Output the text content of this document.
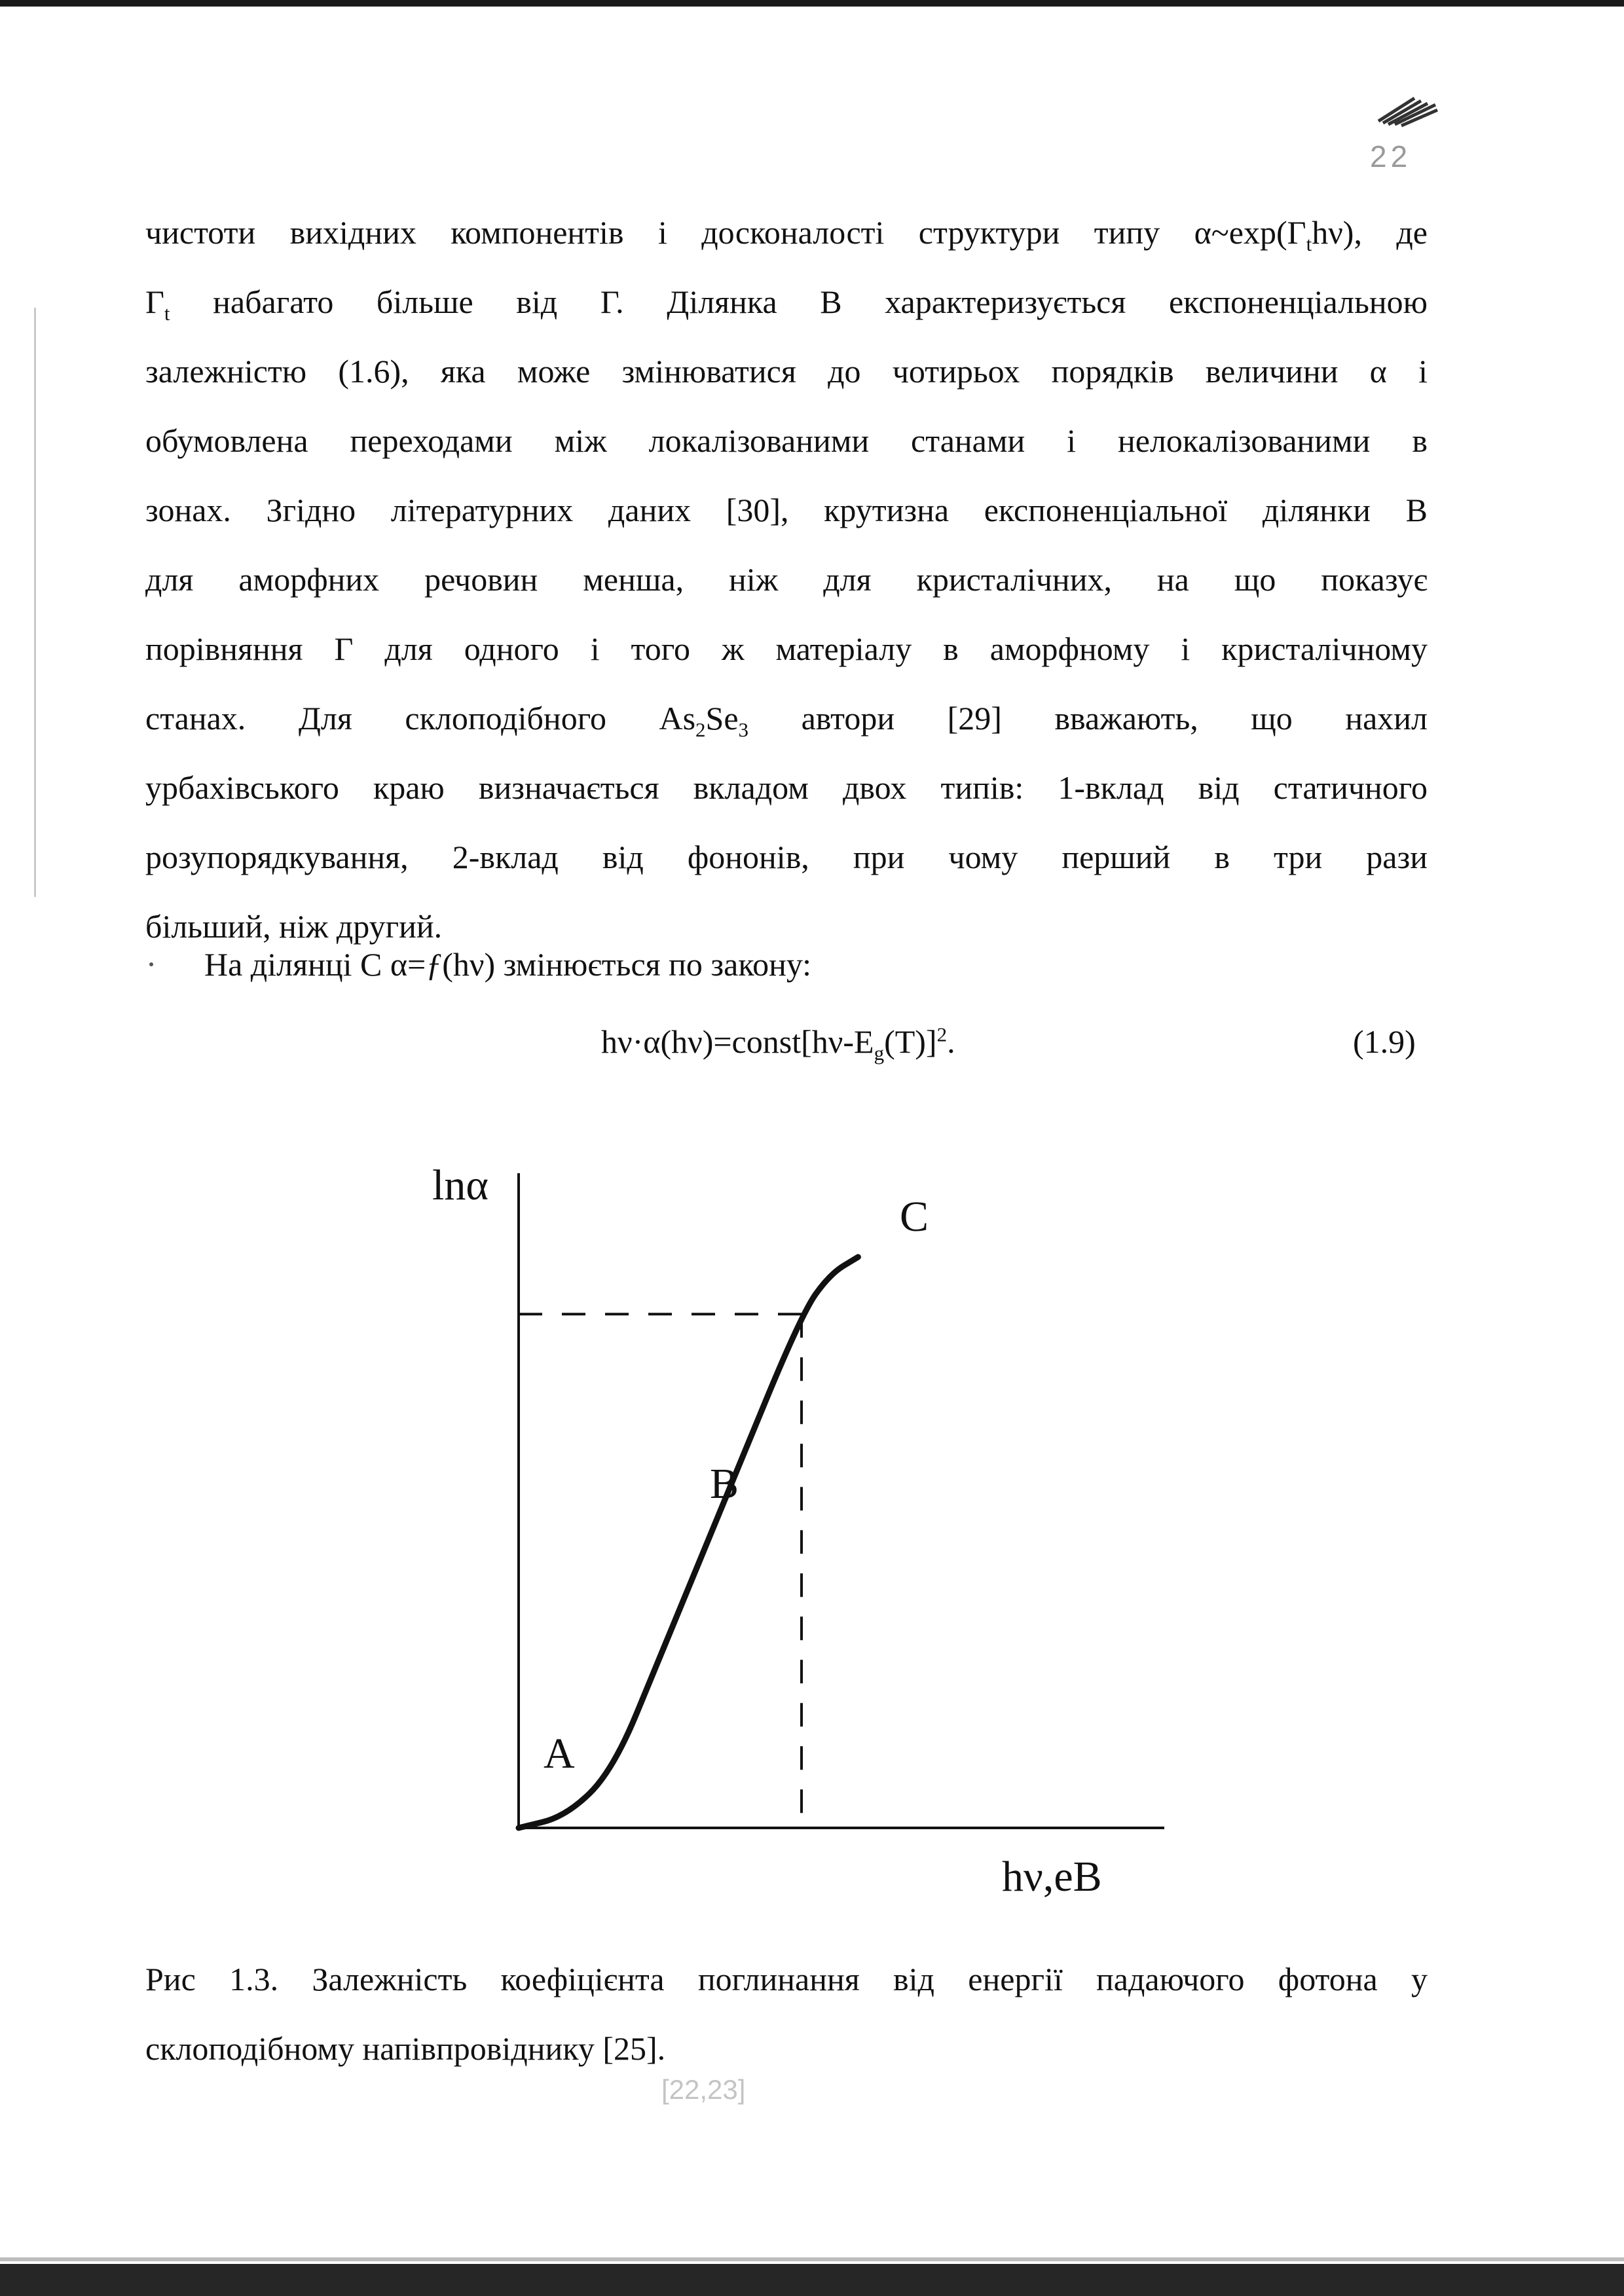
22

чистоти вихідних компонентів і досконалості структури типу $\alpha\sim\exp(\Gamma_th\nu)$, де
$Г_t$ набагато більше від Г. Ділянка В характеризується експоненціальною
залежністю (1.6), яка може змінюватися до чотирьох порядків величини α і
обумовлена переходами між локалізованими станами і нелокалізованими в
зонах. Згідно літературних даних [30], крутизна експоненціальної ділянки В
для аморфних речовин менша, ніж для кристалічних, на що показує
порівняння Г для одного і того ж матеріалу в аморфному і кристалічному
станах. Для склоподібного $As_2Se_3$ автори [29] вважають, що нахил
урбахівського краю визначається вкладом двох типів: 1-вклад від статичного
розупорядкування, 2-вклад від фононів, при чому перший в три рази
більший, ніж другий.

На ділянці С α=ƒ(hν) змінюється по закону:

$h\nu\cdot\alpha(h\nu)=const[h\nu-E_g(T)]^2$.	(1.9)

lnα
hν,eB
A
B
C

Рис 1.3. Залежність коефіцієнта поглинання від енергії падаючого фотона у
склоподібному напівпровіднику [25].

[22,23]
